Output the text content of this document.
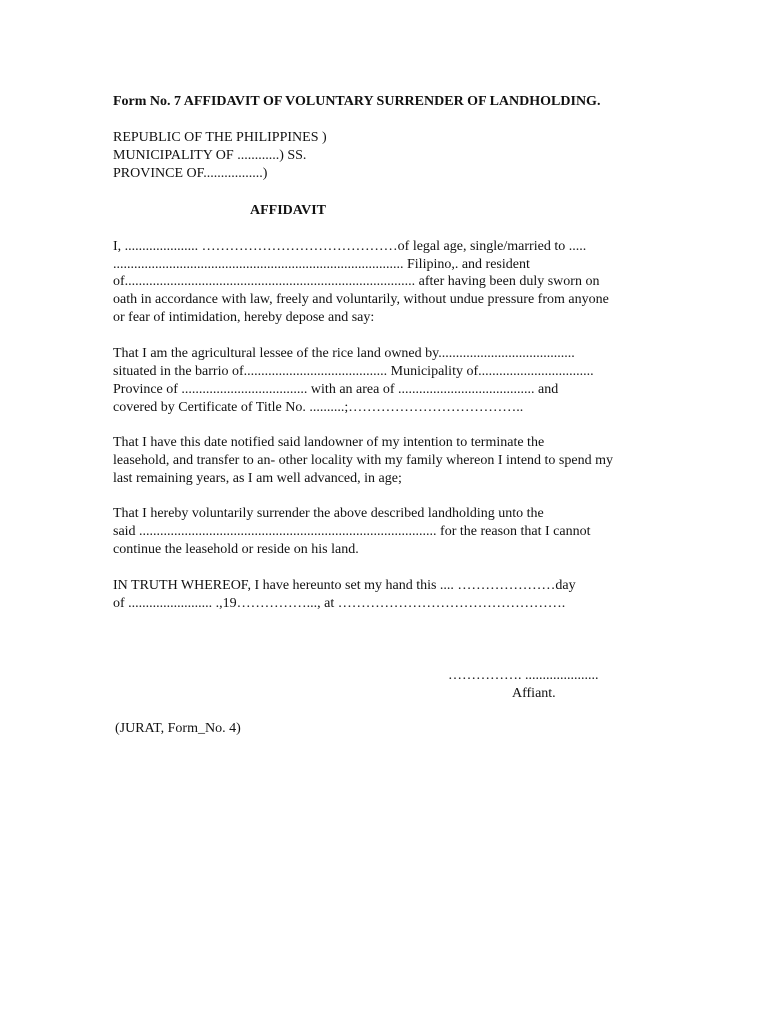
Form No. 7 AFFIDAVIT OF VOLUNTARY SURRENDER OF LANDHOLDING.
REPUBLIC OF THE PHILIPPINES )
MUNICIPALITY OF ............) SS.
PROVINCE OF.................)
AFFIDAVIT
I, ..................... ……………………………………of legal age, single/married to .....
................................................................................... Filipino,. and resident
of................................................................................... after having been duly sworn on
oath in accordance with law, freely and voluntarily, without undue pressure from anyone
or fear of intimidation, hereby depose and say:
That I am the agricultural lessee of the rice land owned by.......................................
situated in the barrio of......................................... Municipality of.................................
Province of .................................... with an area of ....................................... and
covered by Certificate of Title No. ..........;………………………………..
That I have this date notified said landowner of my intention to terminate the
leasehold, and transfer to an- other locality with my family whereon I intend to spend my
last remaining years, as I am well advanced, in age;
That I hereby voluntarily surrender the above described landholding unto the
said ..................................................................................... for the reason that I cannot
continue the leasehold or reside on his land.
IN TRUTH WHEREOF, I have hereunto set my hand this .... …………………day
of ........................ .,19……………..., at ………………………………………….
……………. .....................
Affiant.
(JURAT, Form_No. 4)
